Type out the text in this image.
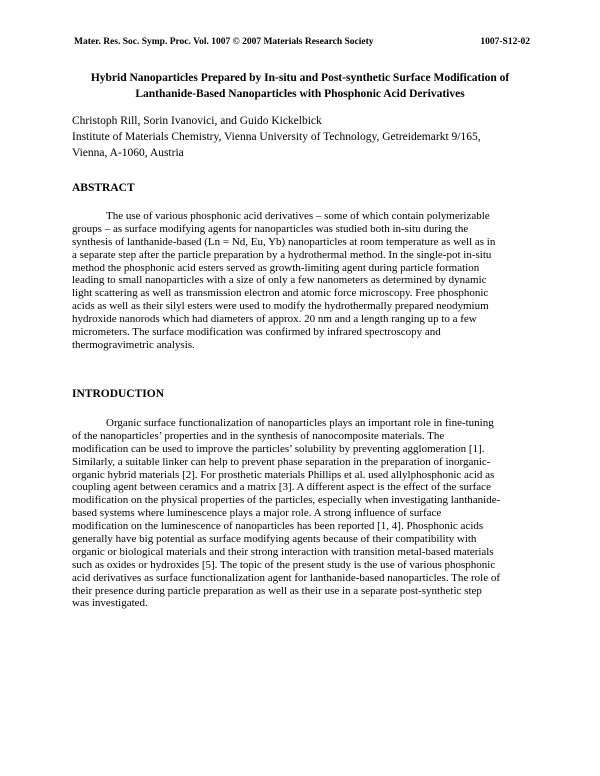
Mater. Res. Soc. Symp. Proc. Vol. 1007 © 2007 Materials Research Society	1007-S12-02
Hybrid Nanoparticles Prepared by In-situ and Post-synthetic Surface Modification of
Lanthanide-Based Nanoparticles with Phosphonic Acid Derivatives
Christoph Rill, Sorin Ivanovici, and Guido Kickelbick
Institute of Materials Chemistry, Vienna University of Technology, Getreidemarkt 9/165,
Vienna, A-1060, Austria
ABSTRACT
The use of various phosphonic acid derivatives – some of which contain polymerizable
groups – as surface modifying agents for nanoparticles was studied both in-situ during the
synthesis of lanthanide-based (Ln = Nd, Eu, Yb) nanoparticles at room temperature as well as in
a separate step after the particle preparation by a hydrothermal method. In the single-pot in-situ
method the phosphonic acid esters served as growth-limiting agent during particle formation
leading to small nanoparticles with a size of only a few nanometers as determined by dynamic
light scattering as well as transmission electron and atomic force microscopy. Free phosphonic
acids as well as their silyl esters were used to modify the hydrothermally prepared neodymium
hydroxide nanorods which had diameters of approx. 20 nm and a length ranging up to a few
micrometers. The surface modification was confirmed by infrared spectroscopy and
thermogravimetric analysis.
INTRODUCTION
Organic surface functionalization of nanoparticles plays an important role in fine-tuning
of the nanoparticles’ properties and in the synthesis of nanocomposite materials. The
modification can be used to improve the particles’ solubility by preventing agglomeration [1].
Similarly, a suitable linker can help to prevent phase separation in the preparation of inorganic-
organic hybrid materials [2]. For prosthetic materials Phillips et al. used allylphosphonic acid as
coupling agent between ceramics and a matrix [3]. A different aspect is the effect of the surface
modification on the physical properties of the particles, especially when investigating lanthanide-
based systems where luminescence plays a major role. A strong influence of surface
modification on the luminescence of nanoparticles has been reported [1, 4]. Phosphonic acids
generally have big potential as surface modifying agents because of their compatibility with
organic or biological materials and their strong interaction with transition metal-based materials
such as oxides or hydroxides [5]. The topic of the present study is the use of various phosphonic
acid derivatives as surface functionalization agent for lanthanide-based nanoparticles. The role of
their presence during particle preparation as well as their use in a separate post-synthetic step
was investigated.
